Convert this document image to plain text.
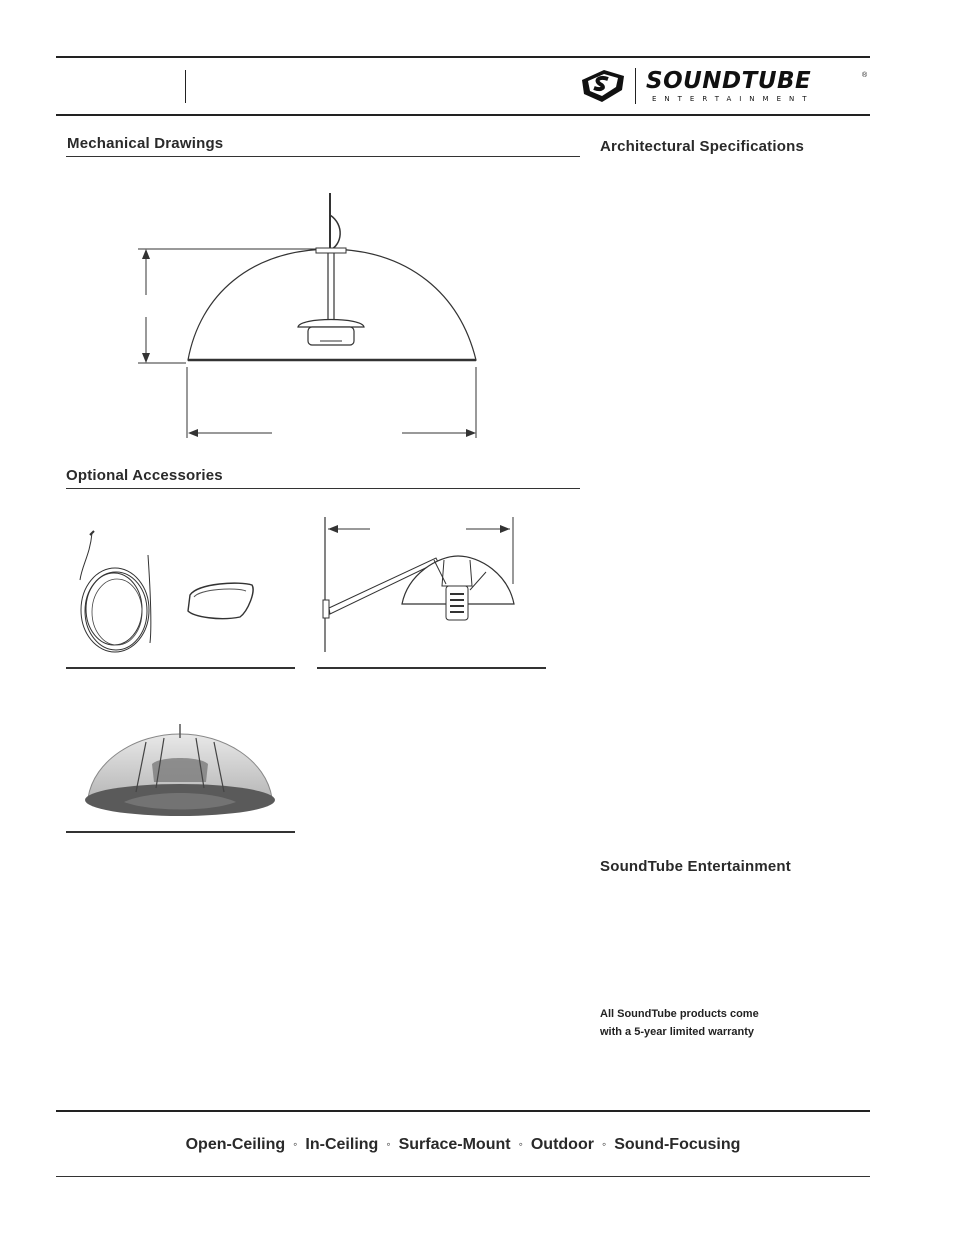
SOUNDTUBE	®
ENTERTAINMENT
Mechanical Drawings
Optional Accessories
Architectural Specifications
SoundTube Entertainment
All SoundTube products come
with a 5-year limited warranty
Open-Ceiling ◦ In-Ceiling ◦ Surface-Mount ◦ Outdoor ◦ Sound-Focusing
